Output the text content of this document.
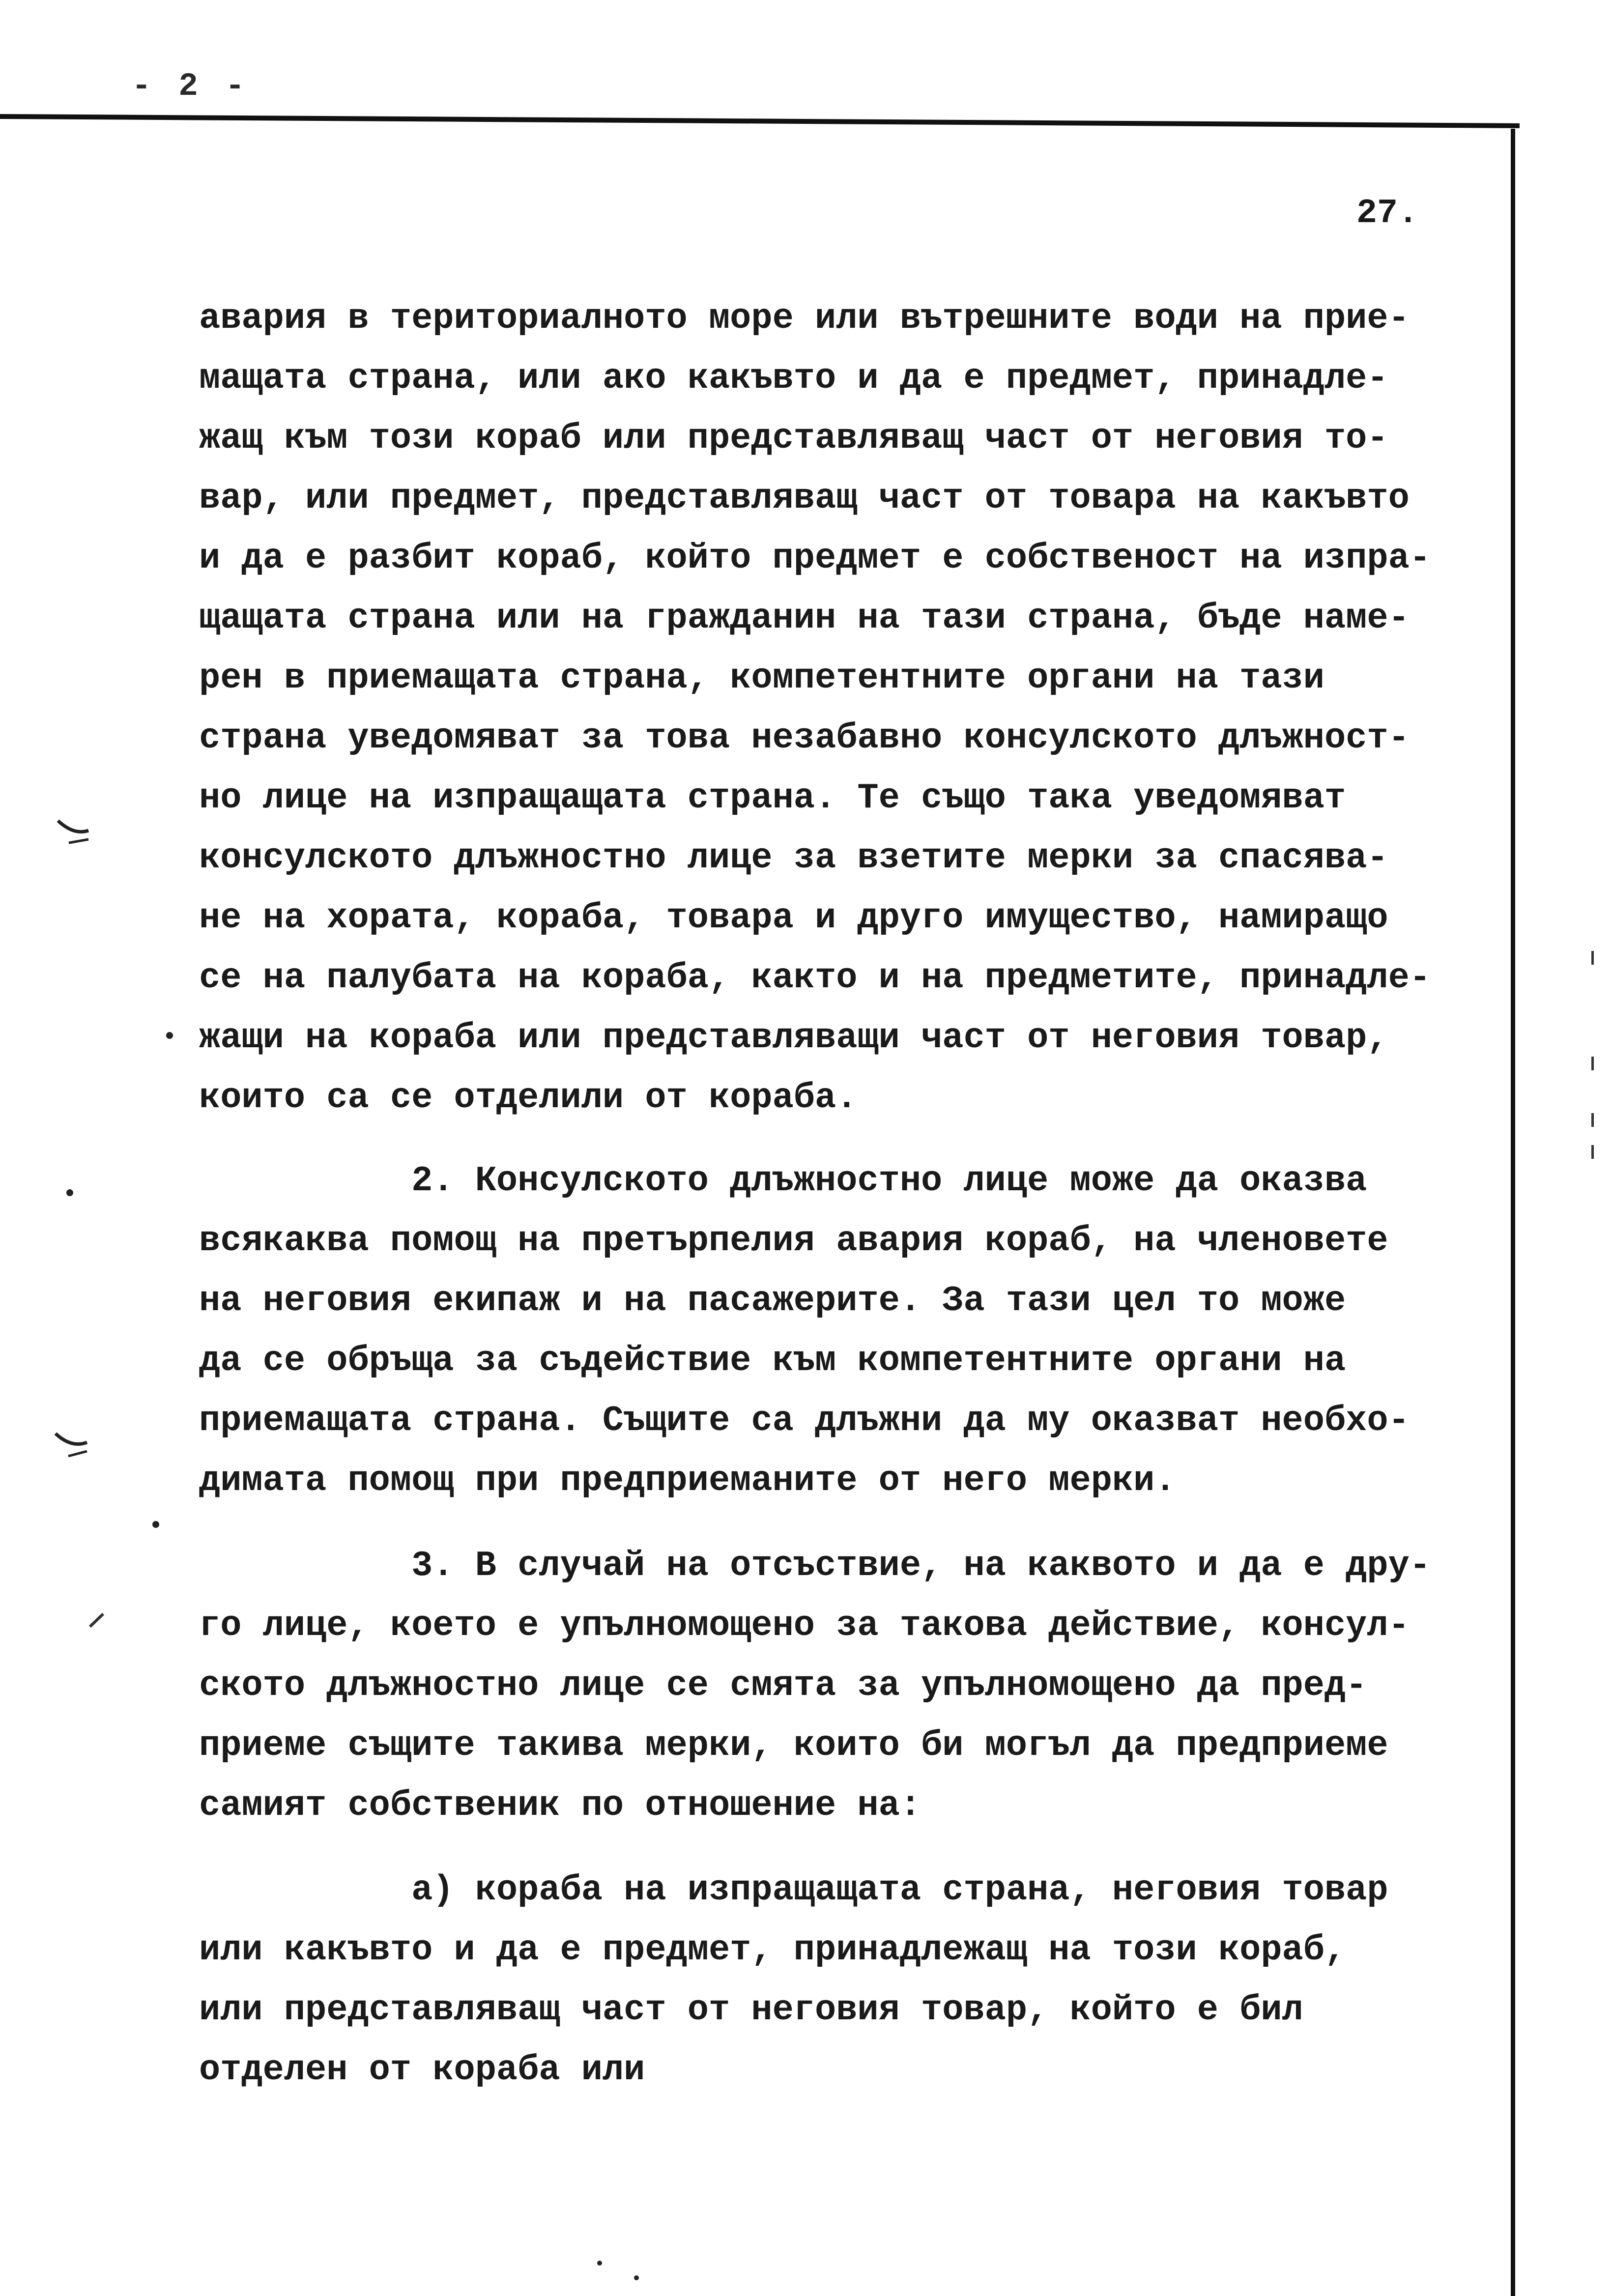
- 2 -
27.

авария в териториалното море или вътрешните води на прие-
мащата страна, или ако какъвто и да е предмет, принадле-
жащ към този кораб или представляващ част от неговия то-
вар, или предмет, представляващ част от товара на какъвто
и да е разбит кораб, който предмет е собственост на изпра-
щащата страна или на гражданин на тази страна, бъде наме-
рен в приемащата страна, компетентните органи на тази
страна уведомяват за това незабавно консулското длъжност-
но лице на изпращащата страна. Те също така уведомяват
консулското длъжностно лице за взетите мерки за спасява-
не на хората, кораба, товара и друго имущество, намиращо
се на палубата на кораба, както и на предметите, принадле-
жащи на кораба или представляващи част от неговия товар,
които са се отделили от кораба.

2. Консулското длъжностно лице може да оказва
всякаква помощ на претърпелия авария кораб, на членовете
на неговия екипаж и на пасажерите. За тази цел то може
да се обръща за съдействие към компетентните органи на
приемащата страна. Същите са длъжни да му оказват необхо-
димата помощ при предприеманите от него мерки.

3. В случай на отсъствие, на каквото и да е дру-
го лице, което е упълномощено за такова действие, консул-
ското длъжностно лице се смята за упълномощено да пред-
приеме същите такива мерки, които би могъл да предприеме
самият собственик по отношение на:

а) кораба на изпращащата страна, неговия товар
или какъвто и да е предмет, принадлежащ на този кораб,
или представляващ част от неговия товар, който е бил
отделен от кораба или
